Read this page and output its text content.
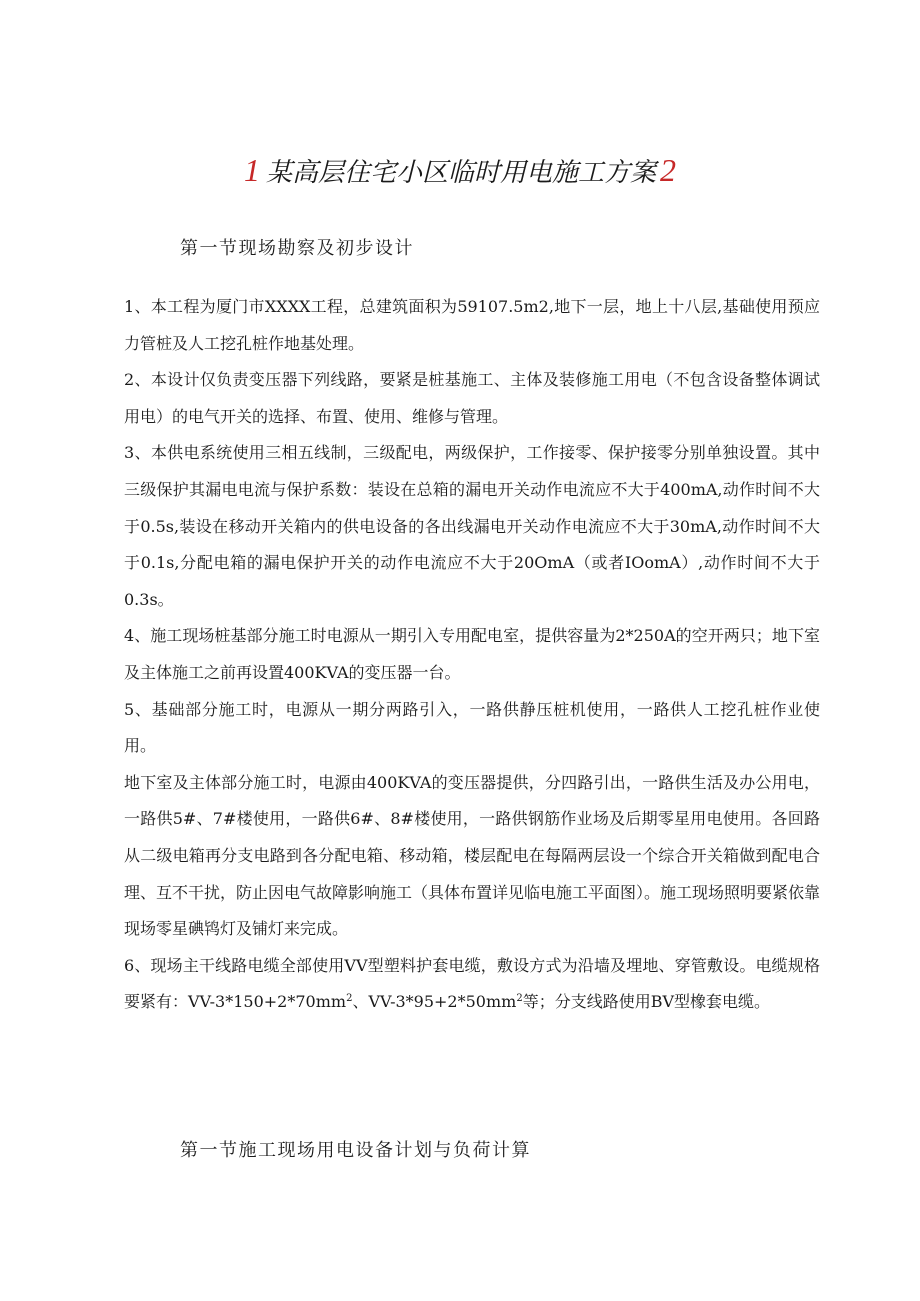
1 某高层住宅小区临时用电施工方案 2
第一节现场勘察及初步设计

1、本工程为厦门市XXXX工程，总建筑面积为59107.5m2,地下一层，地上十八层,基础使用预应力管桩及人工挖孔桩作地基处理。

2、本设计仅负责变压器下列线路，要紧是桩基施工、主体及装修施工用电（不包含设备整体调试用电）的电气开关的选择、布置、使用、维修与管理。

3、本供电系统使用三相五线制，三级配电，两级保护，工作接零、保护接零分别单独设置。其中三级保护其漏电电流与保护系数：装设在总箱的漏电开关动作电流应不大于400mA,动作时间不大于0.5s,装设在移动开关箱内的供电设备的各出线漏电开关动作电流应不大于30mA,动作时间不大于0.1s,分配电箱的漏电保护开关的动作电流应不大于20OmA（或者IOomA）,动作时间不大于0.3s。

4、施工现场桩基部分施工时电源从一期引入专用配电室，提供容量为2*250A的空开两只；地下室及主体施工之前再设置400KVA的变压器一台。

5、基础部分施工时，电源从一期分两路引入，一路供静压桩机使用，一路供人工挖孔桩作业使用。

地下室及主体部分施工时，电源由400KVA的变压器提供，分四路引出，一路供生活及办公用电，一路供5#、7#楼使用，一路供6#、8#楼使用，一路供钢筋作业场及后期零星用电使用。各回路从二级电箱再分支电路到各分配电箱、移动箱，楼层配电在每隔两层设一个综合开关箱做到配电合理、互不干扰，防止因电气故障影响施工（具体布置详见临电施工平面图）。施工现场照明要紧依靠现场零星碘鸨灯及铺灯来完成。

6、现场主干线路电缆全部使用VV型塑料护套电缆，敷设方式为沿墙及埋地、穿管敷设。电缆规格要紧有：$VV-3*150+2*70mm^2$、$VV-3*95+2*50mm^2$等；分支线路使用BV型橡套电缆。

第一节施工现场用电设备计划与负荷计算
